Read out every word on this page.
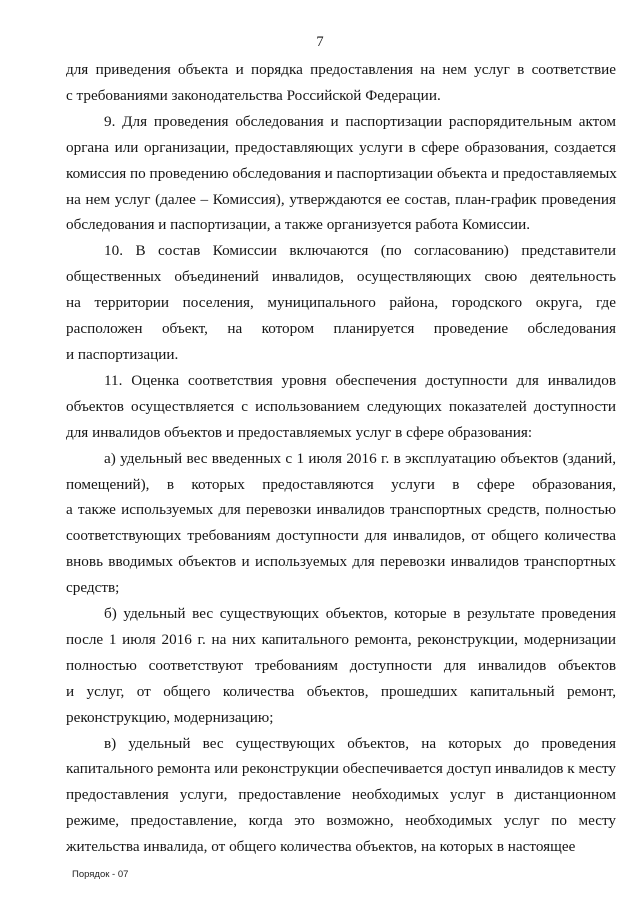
7
для приведения объекта и порядка предоставления на нем услуг в соответствие
с требованиями законодательства Российской Федерации.
9. Для проведения обследования и паспортизации распорядительным актом
органа или организации, предоставляющих услуги в сфере образования, создается
комиссия по проведению обследования и паспортизации объекта и предоставляемых
на нем услуг (далее – Комиссия), утверждаются ее состав, план-график проведения
обследования и паспортизации, а также организуется работа Комиссии.
10. В состав Комиссии включаются (по согласованию) представители
общественных объединений инвалидов, осуществляющих свою деятельность
на территории поселения, муниципального района, городского округа, где
расположен объект, на котором планируется проведение обследования
и паспортизации.
11. Оценка соответствия уровня обеспечения доступности для инвалидов
объектов осуществляется с использованием следующих показателей доступности
для инвалидов объектов и предоставляемых услуг в сфере образования:
а) удельный вес введенных с 1 июля 2016 г. в эксплуатацию объектов (зданий,
помещений), в которых предоставляются услуги в сфере образования,
а также используемых для перевозки инвалидов транспортных средств, полностью
соответствующих требованиям доступности для инвалидов, от общего количества
вновь вводимых объектов и используемых для перевозки инвалидов транспортных
средств;
б) удельный вес существующих объектов, которые в результате проведения
после 1 июля 2016 г. на них капитального ремонта, реконструкции, модернизации
полностью соответствуют требованиям доступности для инвалидов объектов
и услуг, от общего количества объектов, прошедших капитальный ремонт,
реконструкцию, модернизацию;
в) удельный вес существующих объектов, на которых до проведения
капитального ремонта или реконструкции обеспечивается доступ инвалидов к месту
предоставления услуги, предоставление необходимых услуг в дистанционном
режиме, предоставление, когда это возможно, необходимых услуг по месту
жительства инвалида, от общего количества объектов, на которых в настоящее
Порядок - 07
